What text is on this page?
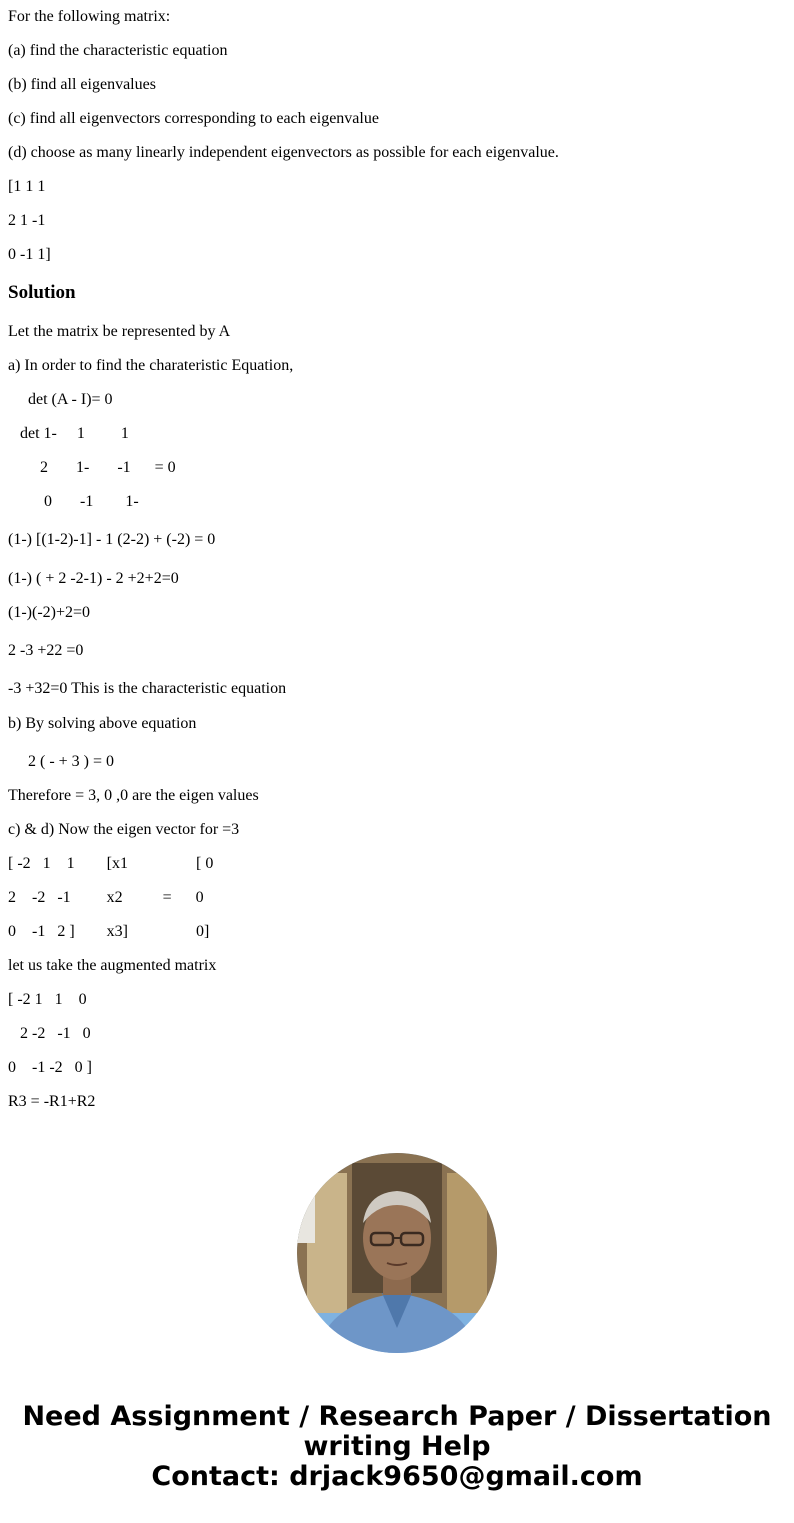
For the following matrix:
(a) find the characteristic equation
(b) find all eigenvalues
(c) find all eigenvectors corresponding to each eigenvalue
(d) choose as many linearly independent eigenvectors as possible for each eigenvalue.
[1 1 1
2 1 -1
0 -1 1]
Solution
Let the matrix be represented by A
a) In order to find the charateristic Equation,
det (A - I)= 0
det 1-     1         1
2       1-       -1      = 0
0       -1        1-
(1-) [(1-2)-1] - 1 (2-2) + (-2) = 0
(1-) ( + 2 -2-1) - 2 +2+2=0
(1-)(-2)+2=0
2 -3 +22 =0
-3 +32=0 This is the characteristic equation
b) By solving above equation
2 ( - + 3 ) = 0
Therefore = 3, 0 ,0 are the eigen values
c) & d) Now the eigen vector for =3
[ -2   1    1        [x1                 [ 0
2    -2   -1         x2          =      0
0    -1   2 ]        x3]                 0]
let us take the augmented matrix
[ -2 1   1    0
2 -2   -1   0
0    -1 -2   0 ]
R3 = -R1+R2
Need Assignment / Research Paper / Dissertation
writing Help
Contact: drjack9650@gmail.com
